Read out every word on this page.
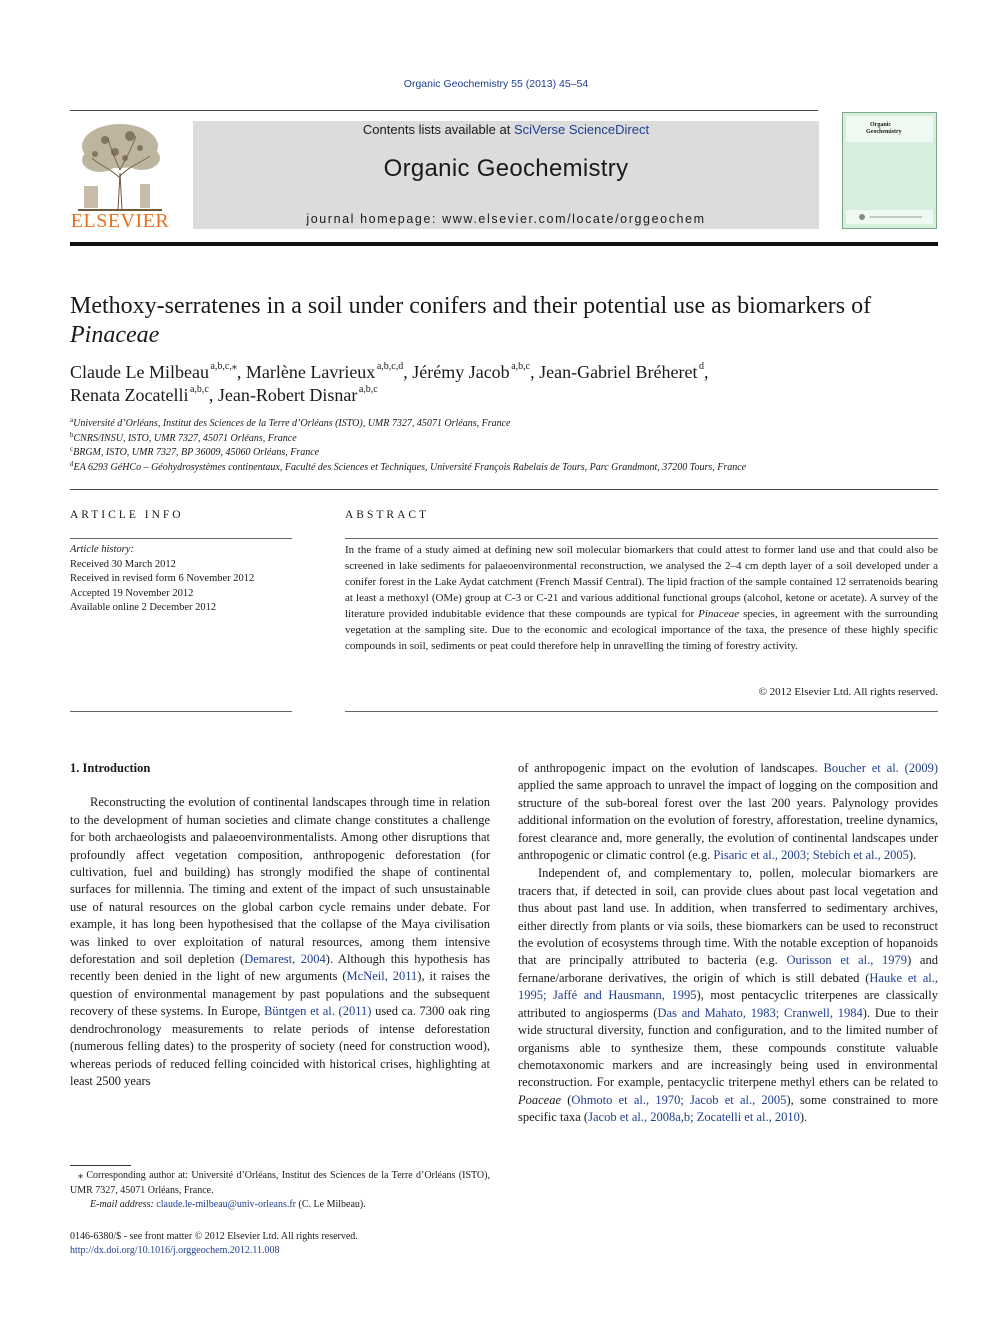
Organic Geochemistry 55 (2013) 45–54
ELSEVIER
Contents lists available at SciVerse ScienceDirect
Organic Geochemistry
journal homepage: www.elsevier.com/locate/orggeochem
Organic
Geochemistry
Methoxy-serratenes in a soil under conifers and their potential use as biomarkers of Pinaceae
Claude Le Milbeau  $^{a,b,c,⁎}$, Marlène Lavrieux  $^{a,b,c,d}$, Jérémy Jacob  $^{a,b,c}$, Jean-Gabriel Bréheret  $^d$,
Renata Zocatelli  $^{a,b,c}$, Jean-Robert Disnar  $^{a,b,c}$
$^a$Université d’Orléans, Institut des Sciences de la Terre d’Orléans (ISTO), UMR 7327, 45071 Orléans, France
$^b$CNRS/INSU, ISTO, UMR 7327, 45071 Orléans, France
$^c$BRGM, ISTO, UMR 7327, BP 36009, 45060 Orléans, France
$^d$EA 6293 GéHCo – Géohydrosystèmes continentaux, Faculté des Sciences et Techniques, Université François Rabelais de Tours, Parc Grandmont, 37200 Tours, France
ARTICLE INFO	ABSTRACT
Article history:
Received 30 March 2012
Received in revised form 6 November 2012
Accepted 19 November 2012
Available online 2 December 2012
In the frame of a study aimed at defining new soil molecular biomarkers that could attest to former land use and that could also be screened in lake sediments for palaeoenvironmental reconstruction, we analysed the 2–4 cm depth layer of a soil developed under a conifer forest in the Lake Aydat catchment (French Massif Central). The lipid fraction of the sample contained 12 serratenoids bearing at least a methoxyl (OMe) group at C-3 or C-21 and various additional functional groups (alcohol, ketone or acetate). A survey of the literature provided indubitable evidence that these compounds are typical for Pinaceae species, in agreement with the surrounding vegetation at the sampling site. Due to the economic and ecological importance of the taxa, the presence of these highly specific compounds in soil, sediments or peat could therefore help in unravelling the timing of forestry activity.
© 2012 Elsevier Ltd. All rights reserved.
1. Introduction

Reconstructing the evolution of continental landscapes through time in relation to the development of human societies and climate change constitutes a challenge for both archaeologists and palaeoenvironmentalists. Among other disruptions that profoundly affect vegetation composition, anthropogenic deforestation (for cultivation, fuel and building) has strongly modified the shape of continental surfaces for millennia. The timing and extent of the impact of such unsustainable use of natural resources on the global carbon cycle remains under debate. For example, it has long been hypothesised that the collapse of the Maya civilisation was linked to over exploitation of natural resources, among them intensive deforestation and soil depletion (Demarest, 2004). Although this hypothesis has recently been denied in the light of new arguments (McNeil, 2011), it raises the question of environmental management by past populations and the subsequent recovery of these systems. In Europe, Büntgen et al. (2011) used ca. 7300 oak ring dendrochronology measurements to relate periods of intense deforestation (numerous felling dates) to the prosperity of society (need for construction wood), whereas periods of reduced felling coincided with historical crises, highlighting at least 2500 years

of anthropogenic impact on the evolution of landscapes. Boucher et al. (2009) applied the same approach to unravel the impact of logging on the composition and structure of the sub-boreal forest over the last 200 years. Palynology provides additional information on the evolution of forestry, afforestation, treeline dynamics, forest clearance and, more generally, the evolution of continental landscapes under anthropogenic or climatic control (e.g. Pisaric et al., 2003; Stebich et al., 2005).

Independent of, and complementary to, pollen, molecular biomarkers are tracers that, if detected in soil, can provide clues about past local vegetation and thus about past land use. In addition, when transferred to sedimentary archives, either directly from plants or via soils, these biomarkers can be used to reconstruct the evolution of ecosystems through time. With the notable exception of hopanoids that are principally attributed to bacteria (e.g. Ourisson et al., 1979) and fernane/arborane derivatives, the origin of which is still debated (Hauke et al., 1995; Jaffé and Hausmann, 1995), most pentacyclic triterpenes are classically attributed to angiosperms (Das and Mahato, 1983; Cranwell, 1984). Due to their wide structural diversity, function and configuration, and to the limited number of organisms able to synthesize them, these compounds constitute valuable chemotaxonomic markers and are increasingly being used in environmental reconstruction. For example, pentacyclic triterpene methyl ethers can be related to Poaceae (Ohmoto et al., 1970; Jacob et al., 2005), some constrained to more specific taxa (Jacob et al., 2008a,b; Zocatelli et al., 2010).

⁎ Corresponding author at: Université d’Orléans, Institut des Sciences de la Terre d’Orléans (ISTO), UMR 7327, 45071 Orléans, France.
E-mail address: claude.le-milbeau@univ-orleans.fr (C. Le Milbeau).
0146-6380/$ - see front matter © 2012 Elsevier Ltd. All rights reserved.
http://dx.doi.org/10.1016/j.orggeochem.2012.11.008
